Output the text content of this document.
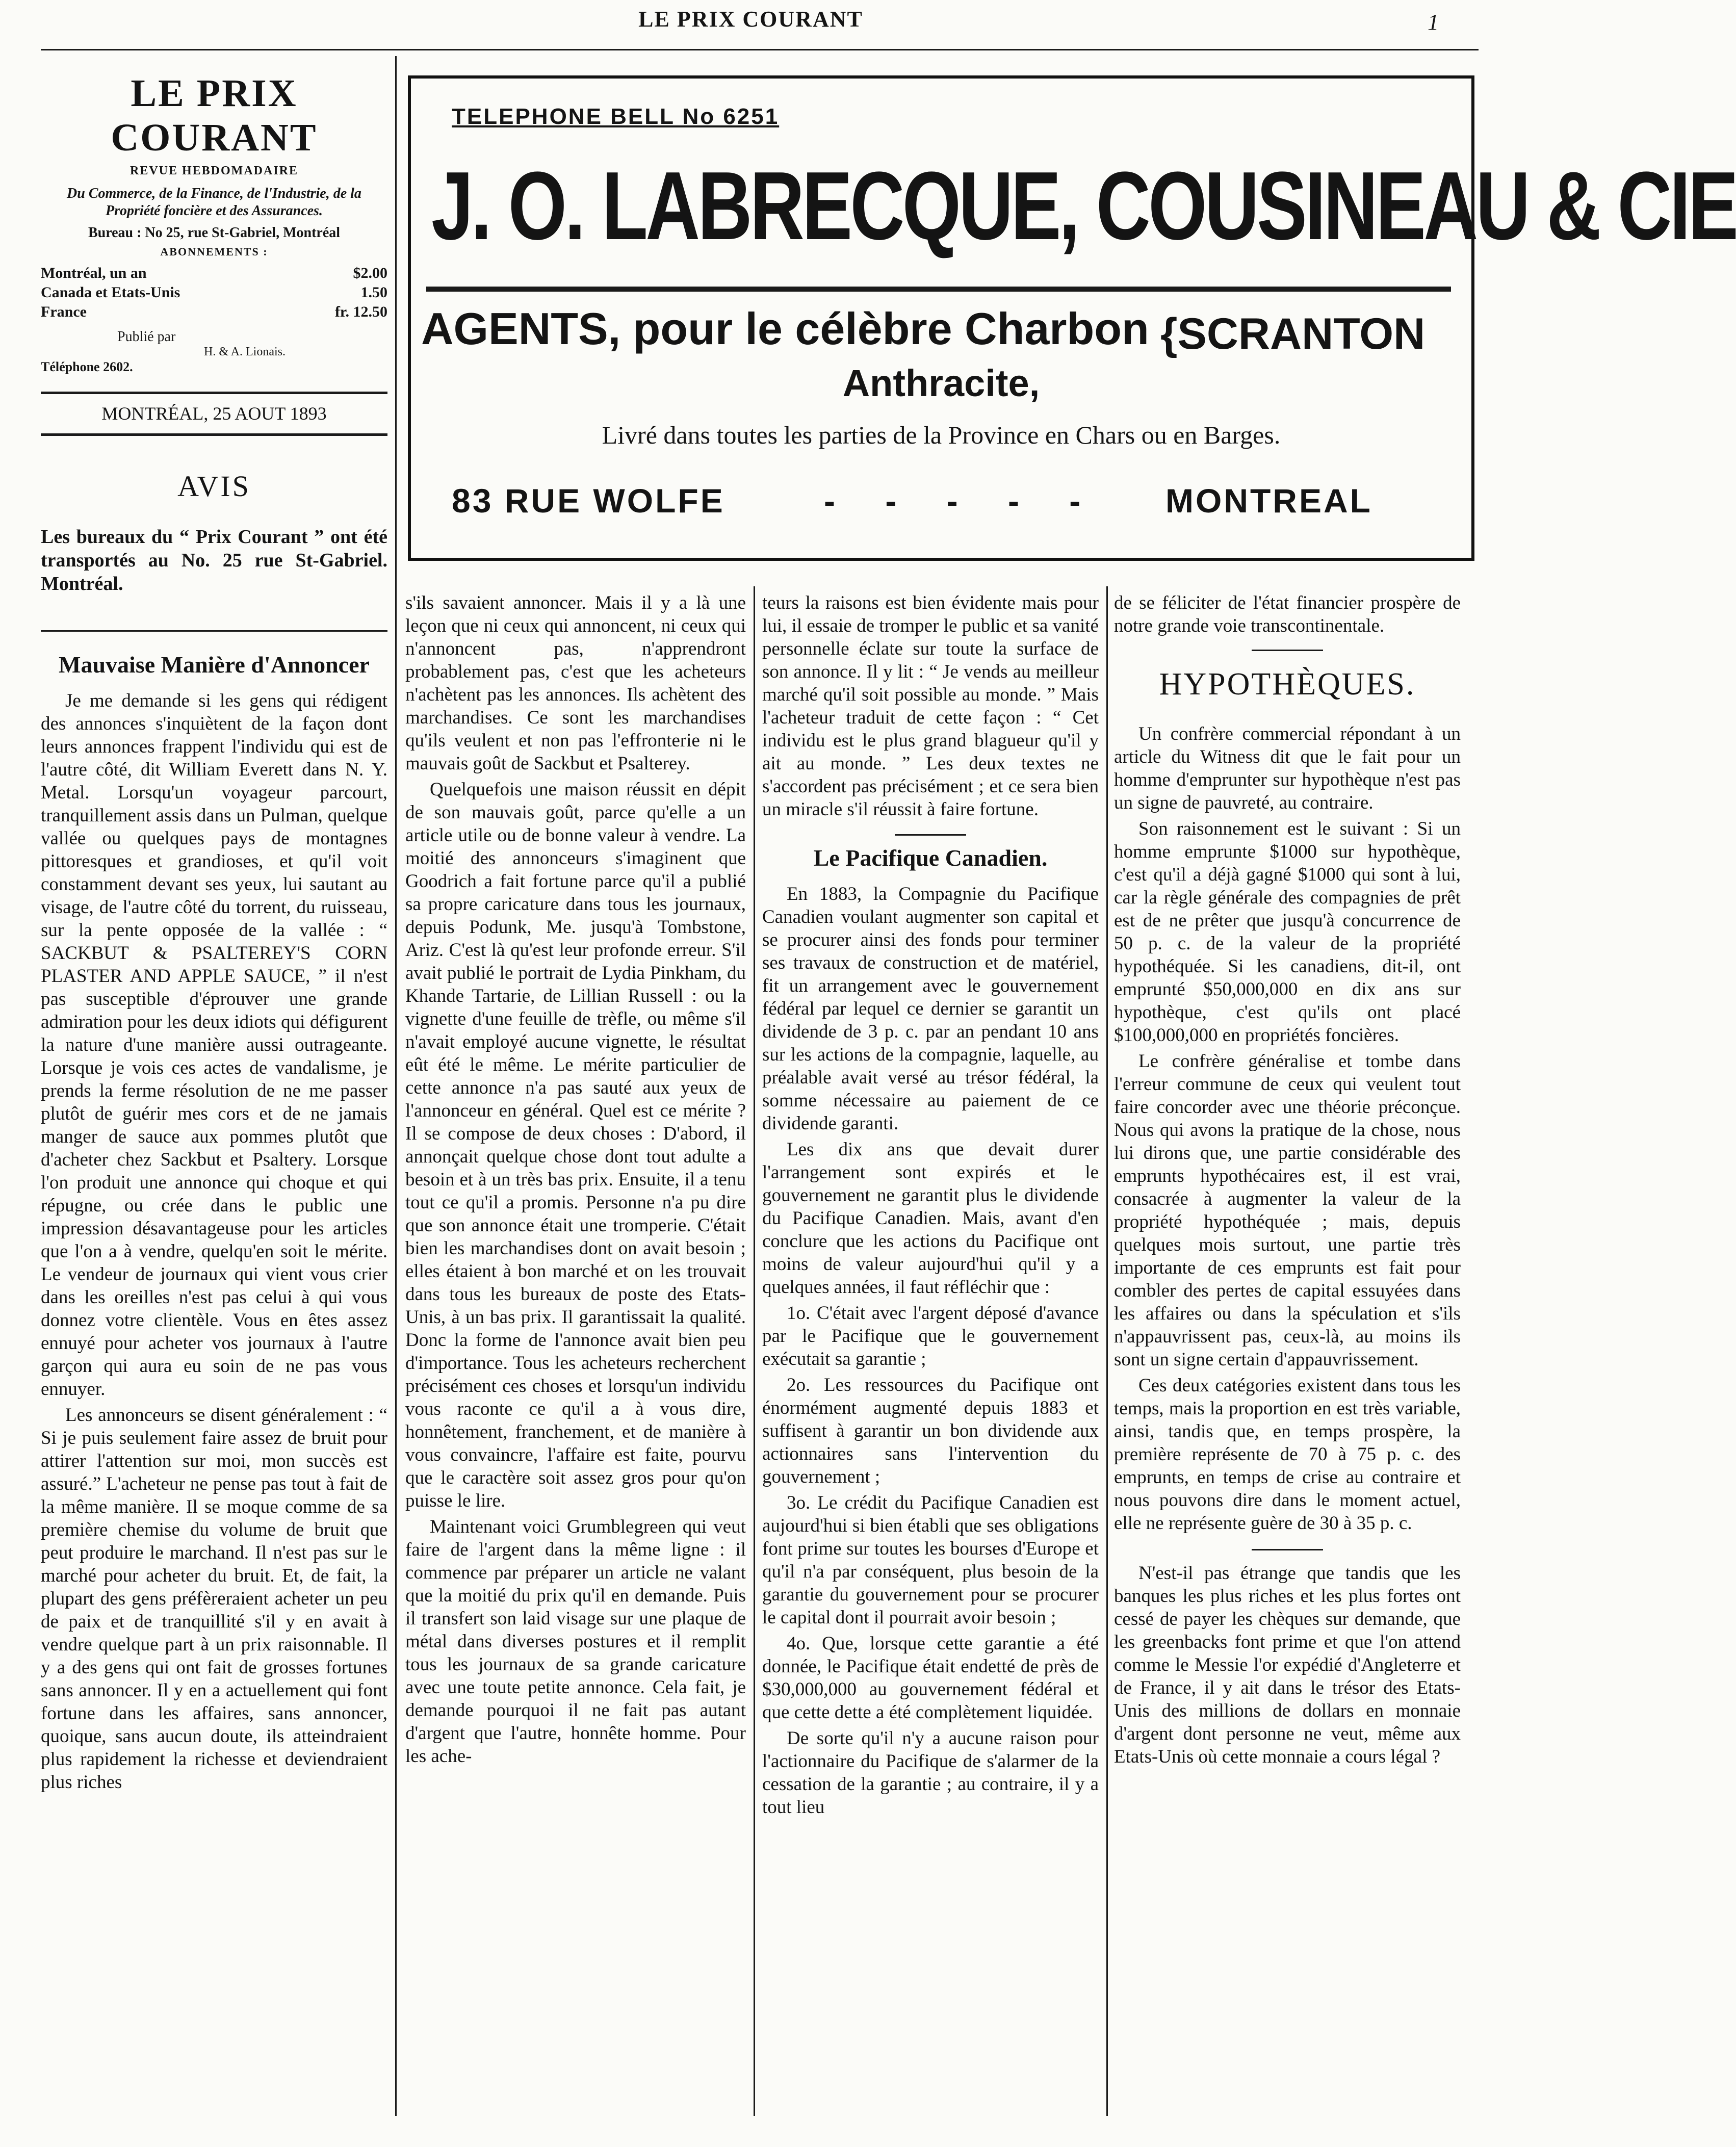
LE PRIX COURANT	1
LE PRIX COURANT
REVUE HEBDOMADAIRE
Du Commerce, de la Finance, de l'Industrie, de la Propriété foncière et des Assurances.
Bureau : No 25, rue St-Gabriel, Montréal
ABONNEMENTS :
Montréal, un an	$2.00
Canada et Etats-Unis	1.50
France	fr. 12.50
Publié par
H. & A. Lionais.
Téléphone 2602.
MONTRÉAL, 25 AOUT 1893
AVIS
Les bureaux du “ Prix Courant ” ont été transportés au No. 25 rue St-Gabriel. Montréal.
TELEPHONE BELL No 6251
J. O. LABRECQUE, COUSINEAU & CIE
AGENTS, pour le célèbre Charbon {SCRANTON
Anthracite,
Livré dans toutes les parties de la Province en Chars ou en Barges.
83 RUE WOLFE	- - - - - MONTREAL
Mauvaise Manière d'Annoncer

Je me demande si les gens qui rédigent des annonces s'inquiètent de la façon dont leurs annonces frappent l'individu qui est de l'autre côté, dit William Everett dans N. Y. Metal. Lorsqu'un voyageur parcourt, tranquillement assis dans un Pulman, quelque vallée ou quelques pays de montagnes pittoresques et grandioses, et qu'il voit constamment devant ses yeux, lui sautant au visage, de l'autre côté du torrent, du ruisseau, sur la pente opposée de la vallée : “ SACKBUT & PSALTEREY'S CORN PLASTER AND APPLE SAUCE, ” il n'est pas susceptible d'éprouver une grande admiration pour les deux idiots qui défigurent la nature d'une manière aussi outrageante. Lorsque je vois ces actes de vandalisme, je prends la ferme résolution de ne me passer plutôt de guérir mes cors et de ne jamais manger de sauce aux pommes plutôt que d'acheter chez Sackbut et Psaltery. Lorsque l'on produit une annonce qui choque et qui répugne, ou crée dans le public une impression désavantageuse pour les articles que l'on a à vendre, quelqu'en soit le mérite. Le vendeur de journaux qui vient vous crier dans les oreilles n'est pas celui à qui vous donnez votre clientèle. Vous en êtes assez ennuyé pour acheter vos journaux à l'autre garçon qui aura eu soin de ne pas vous ennuyer.

Les annonceurs se disent généralement : “ Si je puis seulement faire assez de bruit pour attirer l'attention sur moi, mon succès est assuré.” L'acheteur ne pense pas tout à fait de la même manière. Il se moque comme de sa première chemise du volume de bruit que peut produire le marchand. Il n'est pas sur le marché pour acheter du bruit. Et, de fait, la plupart des gens préfèreraient acheter un peu de paix et de tranquillité s'il y en avait à vendre quelque part à un prix raisonnable. Il y a des gens qui ont fait de grosses fortunes sans annoncer. Il y en a actuellement qui font fortune dans les affaires, sans annoncer, quoique, sans aucun doute, ils atteindraient plus rapidement la richesse et deviendraient plus riches

s'ils savaient annoncer. Mais il y a là une leçon que ni ceux qui annoncent, ni ceux qui n'annoncent pas, n'apprendront probablement pas, c'est que les acheteurs n'achètent pas les annonces. Ils achètent des marchandises. Ce sont les marchandises qu'ils veulent et non pas l'effronterie ni le mauvais goût de Sackbut et Psalterey.

Quelquefois une maison réussit en dépit de son mauvais goût, parce qu'elle a un article utile ou de bonne valeur à vendre. La moitié des annonceurs s'imaginent que Goodrich a fait fortune parce qu'il a publié sa propre caricature dans tous les journaux, depuis Podunk, Me. jusqu'à Tombstone, Ariz. C'est là qu'est leur profonde erreur. S'il avait publié le portrait de Lydia Pinkham, du Khande Tartarie, de Lillian Russell : ou la vignette d'une feuille de trèfle, ou même s'il n'avait employé aucune vignette, le résultat eût été le même. Le mérite particulier de cette annonce n'a pas sauté aux yeux de l'annonceur en général. Quel est ce mérite ? Il se compose de deux choses : D'abord, il annonçait quelque chose dont tout adulte a besoin et à un très bas prix. Ensuite, il a tenu tout ce qu'il a promis. Personne n'a pu dire que son annonce était une tromperie. C'était bien les marchandises dont on avait besoin ; elles étaient à bon marché et on les trouvait dans tous les bureaux de poste des Etats-Unis, à un bas prix. Il garantissait la qualité. Donc la forme de l'annonce avait bien peu d'importance. Tous les acheteurs recherchent précisément ces choses et lorsqu'un individu vous raconte ce qu'il a à vous dire, honnêtement, franchement, et de manière à vous convaincre, l'affaire est faite, pourvu que le caractère soit assez gros pour qu'on puisse le lire.

Maintenant voici Grumblegreen qui veut faire de l'argent dans la même ligne : il commence par préparer un article ne valant que la moitié du prix qu'il en demande. Puis il transfert son laid visage sur une plaque de métal dans diverses postures et il remplit tous les journaux de sa grande caricature avec une toute petite annonce. Cela fait, je demande pourquoi il ne fait pas autant d'argent que l'autre, honnête homme. Pour les ache-

teurs la raisons est bien évidente mais pour lui, il essaie de tromper le public et sa vanité personnelle éclate sur toute la surface de son annonce. Il y lit : “ Je vends au meilleur marché qu'il soit possible au monde. ” Mais l'acheteur traduit de cette façon : “ Cet individu est le plus grand blagueur qu'il y ait au monde. ” Les deux textes ne s'accordent pas précisément ; et ce sera bien un miracle s'il réussit à faire fortune.

Le Pacifique Canadien.

En 1883, la Compagnie du Pacifique Canadien voulant augmenter son capital et se procurer ainsi des fonds pour terminer ses travaux de construction et de matériel, fit un arrangement avec le gouvernement fédéral par lequel ce dernier se garantit un dividende de 3 p. c. par an pendant 10 ans sur les actions de la compagnie, laquelle, au préalable avait versé au trésor fédéral, la somme nécessaire au paiement de ce dividende garanti.

Les dix ans que devait durer l'arrangement sont expirés et le gouvernement ne garantit plus le dividende du Pacifique Canadien. Mais, avant d'en conclure que les actions du Pacifique ont moins de valeur aujourd'hui qu'il y a quelques années, il faut réfléchir que :

1o. C'était avec l'argent déposé d'avance par le Pacifique que le gouvernement exécutait sa garantie ;

2o. Les ressources du Pacifique ont énormément augmenté depuis 1883 et suffisent à garantir un bon dividende aux actionnaires sans l'intervention du gouvernement ;

3o. Le crédit du Pacifique Canadien est aujourd'hui si bien établi que ses obligations font prime sur toutes les bourses d'Europe et qu'il n'a par conséquent, plus besoin de la garantie du gouvernement pour se procurer le capital dont il pourrait avoir besoin ;

4o. Que, lorsque cette garantie a été donnée, le Pacifique était endetté de près de $30,000,000 au gouvernement fédéral et que cette dette a été complètement liquidée.

De sorte qu'il n'y a aucune raison pour l'actionnaire du Pacifique de s'alarmer de la cessation de la garantie ; au contraire, il y a tout lieu

de se féliciter de l'état financier prospère de notre grande voie transcontinentale.

HYPOTHÈQUES.

Un confrère commercial répondant à un article du Witness dit que le fait pour un homme d'emprunter sur hypothèque n'est pas un signe de pauvreté, au contraire.

Son raisonnement est le suivant : Si un homme emprunte $1000 sur hypothèque, c'est qu'il a déjà gagné $1000 qui sont à lui, car la règle générale des compagnies de prêt est de ne prêter que jusqu'à concurrence de 50 p. c. de la valeur de la propriété hypothéquée. Si les canadiens, dit-il, ont emprunté $50,000,000 en dix ans sur hypothèque, c'est qu'ils ont placé $100,000,000 en propriétés foncières.

Le confrère généralise et tombe dans l'erreur commune de ceux qui veulent tout faire concorder avec une théorie préconçue. Nous qui avons la pratique de la chose, nous lui dirons que, une partie considérable des emprunts hypothécaires est, il est vrai, consacrée à augmenter la valeur de la propriété hypothéquée ; mais, depuis quelques mois surtout, une partie très importante de ces emprunts est fait pour combler des pertes de capital essuyées dans les affaires ou dans la spéculation et s'ils n'appauvrissent pas, ceux-là, au moins ils sont un signe certain d'appauvrissement.

Ces deux catégories existent dans tous les temps, mais la proportion en est très variable, ainsi, tandis que, en temps prospère, la première représente de 70 à 75 p. c. des emprunts, en temps de crise au contraire et nous pouvons dire dans le moment actuel, elle ne représente guère de 30 à 35 p. c.

N'est-il pas étrange que tandis que les banques les plus riches et les plus fortes ont cessé de payer les chèques sur demande, que les greenbacks font prime et que l'on attend comme le Messie l'or expédié d'Angleterre et de France, il y ait dans le trésor des Etats-Unis des millions de dollars en monnaie d'argent dont personne ne veut, même aux Etats-Unis où cette monnaie a cours légal ?
